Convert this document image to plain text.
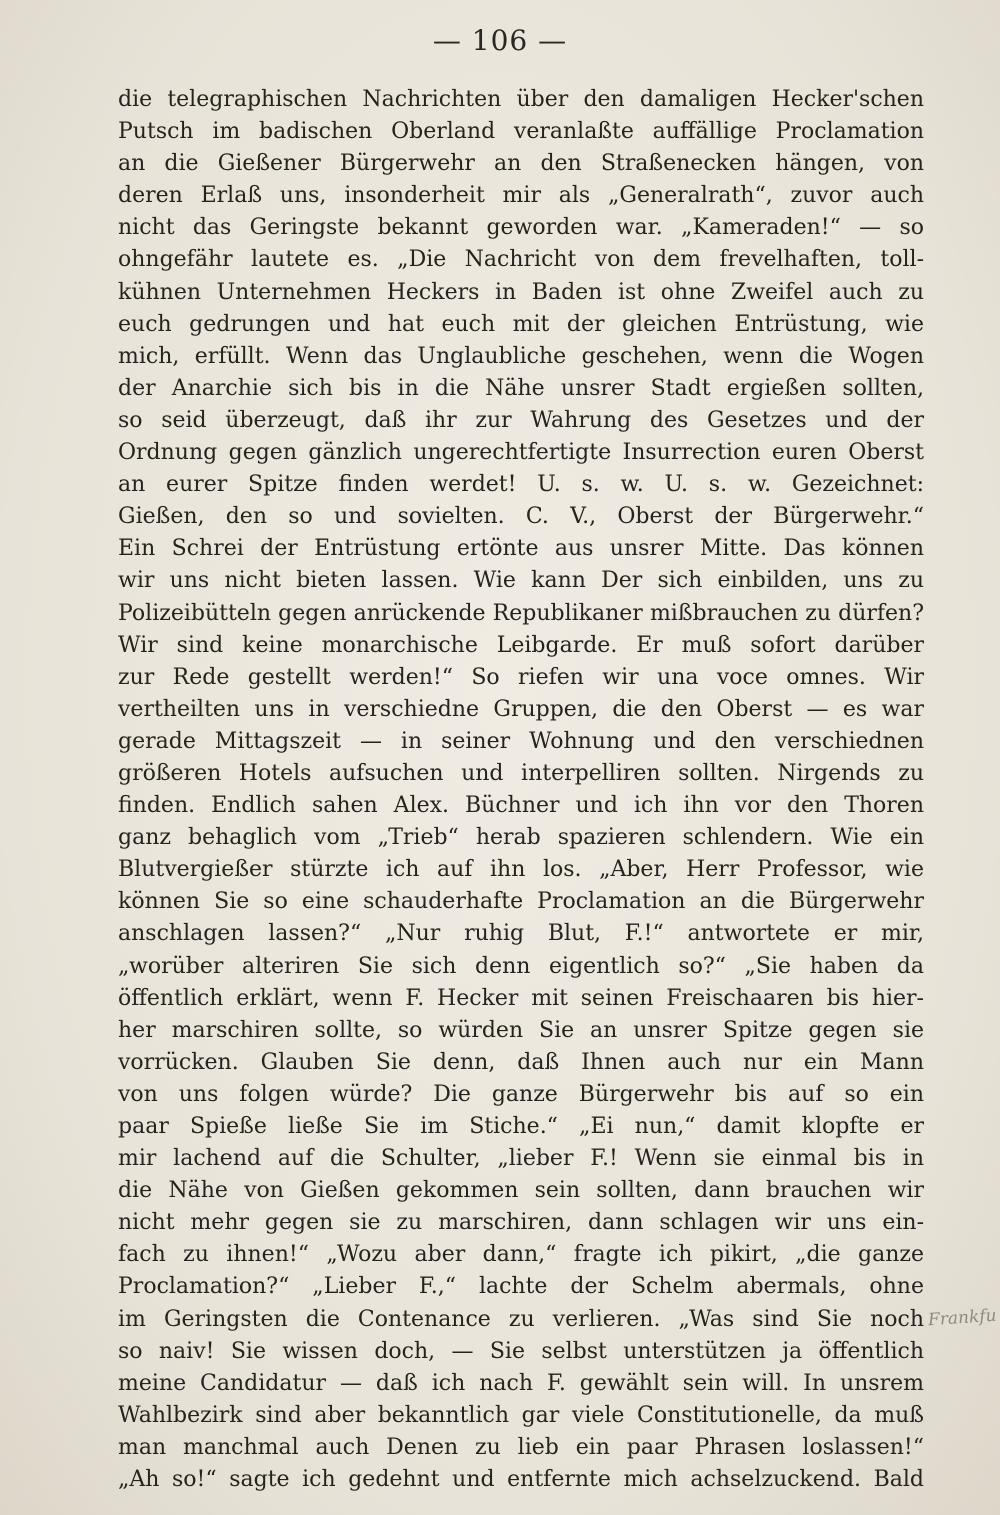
— 106 —
die telegraphischen Nachrichten über den damaligen Hecker'schen
Putsch im badischen Oberland veranlaßte auffällige Proclamation
an die Gießener Bürgerwehr an den Straßenecken hängen, von
deren Erlaß uns, insonderheit mir als „Generalrath“, zuvor auch
nicht das Geringste bekannt geworden war. „Kameraden!“ — so
ohngefähr lautete es. „Die Nachricht von dem frevelhaften, toll-
kühnen Unternehmen Heckers in Baden ist ohne Zweifel auch zu
euch gedrungen und hat euch mit der gleichen Entrüstung, wie
mich, erfüllt. Wenn das Unglaubliche geschehen, wenn die Wogen
der Anarchie sich bis in die Nähe unsrer Stadt ergießen sollten,
so seid überzeugt, daß ihr zur Wahrung des Gesetzes und der
Ordnung gegen gänzlich ungerechtfertigte Insurrection euren Oberst
an eurer Spitze finden werdet! U. s. w. U. s. w. Gezeichnet:
Gießen, den so und sovielten. C. V., Oberst der Bürgerwehr.“
Ein Schrei der Entrüstung ertönte aus unsrer Mitte. Das können
wir uns nicht bieten lassen. Wie kann Der sich einbilden, uns zu
Polizeibütteln gegen anrückende Republikaner mißbrauchen zu dürfen?
Wir sind keine monarchische Leibgarde. Er muß sofort darüber
zur Rede gestellt werden!“ So riefen wir una voce omnes. Wir
vertheilten uns in verschiedne Gruppen, die den Oberst — es war
gerade Mittagszeit — in seiner Wohnung und den verschiednen
größeren Hotels aufsuchen und interpelliren sollten. Nirgends zu
finden. Endlich sahen Alex. Büchner und ich ihn vor den Thoren
ganz behaglich vom „Trieb“ herab spazieren schlendern. Wie ein
Blutvergießer stürzte ich auf ihn los. „Aber, Herr Professor, wie
können Sie so eine schauderhafte Proclamation an die Bürgerwehr
anschlagen lassen?“ „Nur ruhig Blut, F.!“ antwortete er mir,
„worüber alteriren Sie sich denn eigentlich so?“ „Sie haben da
öffentlich erklärt, wenn F. Hecker mit seinen Freischaaren bis hier-
her marschiren sollte, so würden Sie an unsrer Spitze gegen sie
vorrücken. Glauben Sie denn, daß Ihnen auch nur ein Mann
von uns folgen würde? Die ganze Bürgerwehr bis auf so ein
paar Spieße ließe Sie im Stiche.“ „Ei nun,“ damit klopfte er
mir lachend auf die Schulter, „lieber F.! Wenn sie einmal bis in
die Nähe von Gießen gekommen sein sollten, dann brauchen wir
nicht mehr gegen sie zu marschiren, dann schlagen wir uns ein-
fach zu ihnen!“ „Wozu aber dann,“ fragte ich pikirt, „die ganze
Proclamation?“ „Lieber F.,“ lachte der Schelm abermals, ohne
im Geringsten die Contenance zu verlieren. „Was sind Sie noch
so naiv! Sie wissen doch, — Sie selbst unterstützen ja öffentlich
meine Candidatur — daß ich nach F. gewählt sein will. In unsrem
Wahlbezirk sind aber bekanntlich gar viele Constitutionelle, da muß
man manchmal auch Denen zu lieb ein paar Phrasen loslassen!“
„Ah so!“ sagte ich gedehnt und entfernte mich achselzuckend. Bald
Frankfu
